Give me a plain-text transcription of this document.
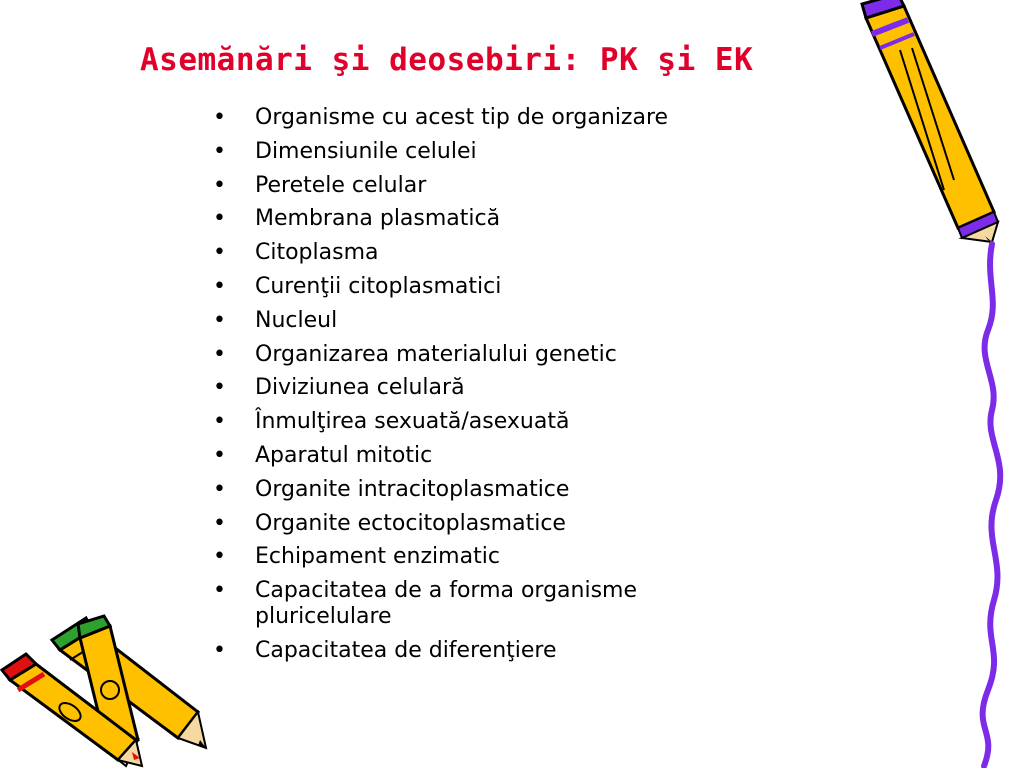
Asemănări şi deosebiri: PK şi EK
•	Organisme cu acest tip de organizare
•	Dimensiunile celulei
•	Peretele celular
•	Membrana plasmatică
•	Citoplasma
•	Curenţii citoplasmatici
•	Nucleul
•	Organizarea materialului genetic
•	Diviziunea celulară
•	Înmulţirea sexuată/asexuată
•	Aparatul mitotic
•	Organite intracitoplasmatice
•	Organite ectocitoplasmatice
•	Echipament enzimatic
•	Capacitatea de a forma organisme pluricelulare
•	Capacitatea de diferenţiere
